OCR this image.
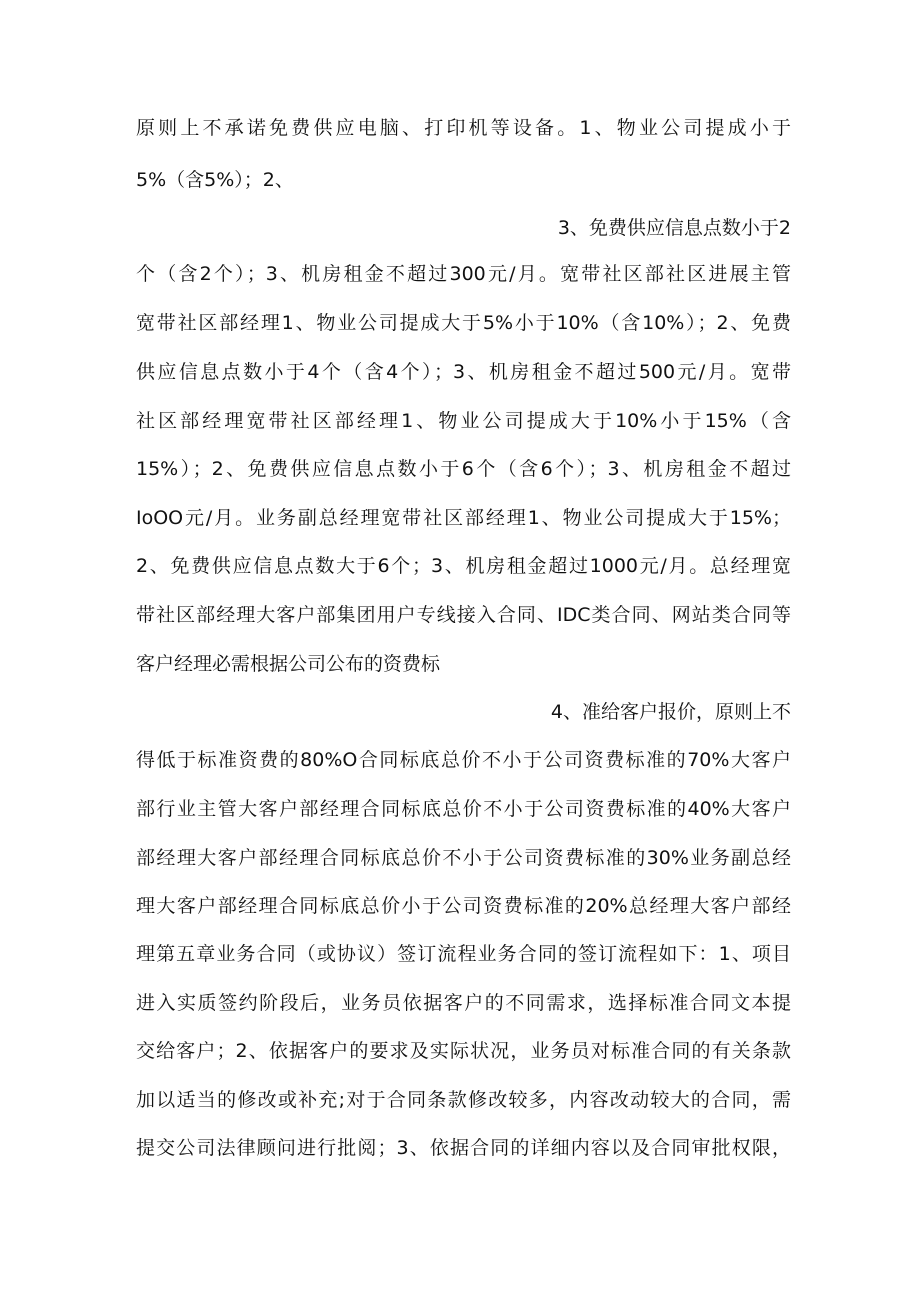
原则上不承诺免费供应电脑、打印机等设备。1、物业公司提成小于
5%（含5%）；2、
3、免费供应信息点数小于2
个（含2个）；3、机房租金不超过300元/月。宽带社区部社区进展主管
宽带社区部经理1、物业公司提成大于5%小于10%（含10%）；2、免费
供应信息点数小于4个（含4个）；3、机房租金不超过500元/月。宽带
社区部经理宽带社区部经理1、物业公司提成大于10%小于15%（含
15%）；2、免费供应信息点数小于6个（含6个）；3、机房租金不超过
IoOO元/月。业务副总经理宽带社区部经理1、物业公司提成大于15%；
2、免费供应信息点数大于6个；3、机房租金超过1000元/月。总经理宽
带社区部经理大客户部集团用户专线接入合同、IDC类合同、网站类合同等
客户经理必需根据公司公布的资费标
4、准给客户报价，原则上不
得低于标准资费的80%O合同标底总价不小于公司资费标准的70%大客户
部行业主管大客户部经理合同标底总价不小于公司资费标准的40%大客户
部经理大客户部经理合同标底总价不小于公司资费标准的30%业务副总经
理大客户部经理合同标底总价小于公司资费标准的20%总经理大客户部经
理第五章业务合同（或协议）签订流程业务合同的签订流程如下：1、项目
进入实质签约阶段后，业务员依据客户的不同需求，选择标准合同文本提
交给客户；2、依据客户的要求及实际状况，业务员对标准合同的有关条款
加以适当的修改或补充;对于合同条款修改较多，内容改动较大的合同，需
提交公司法律顾问进行批阅；3、依据合同的详细内容以及合同审批权限，
